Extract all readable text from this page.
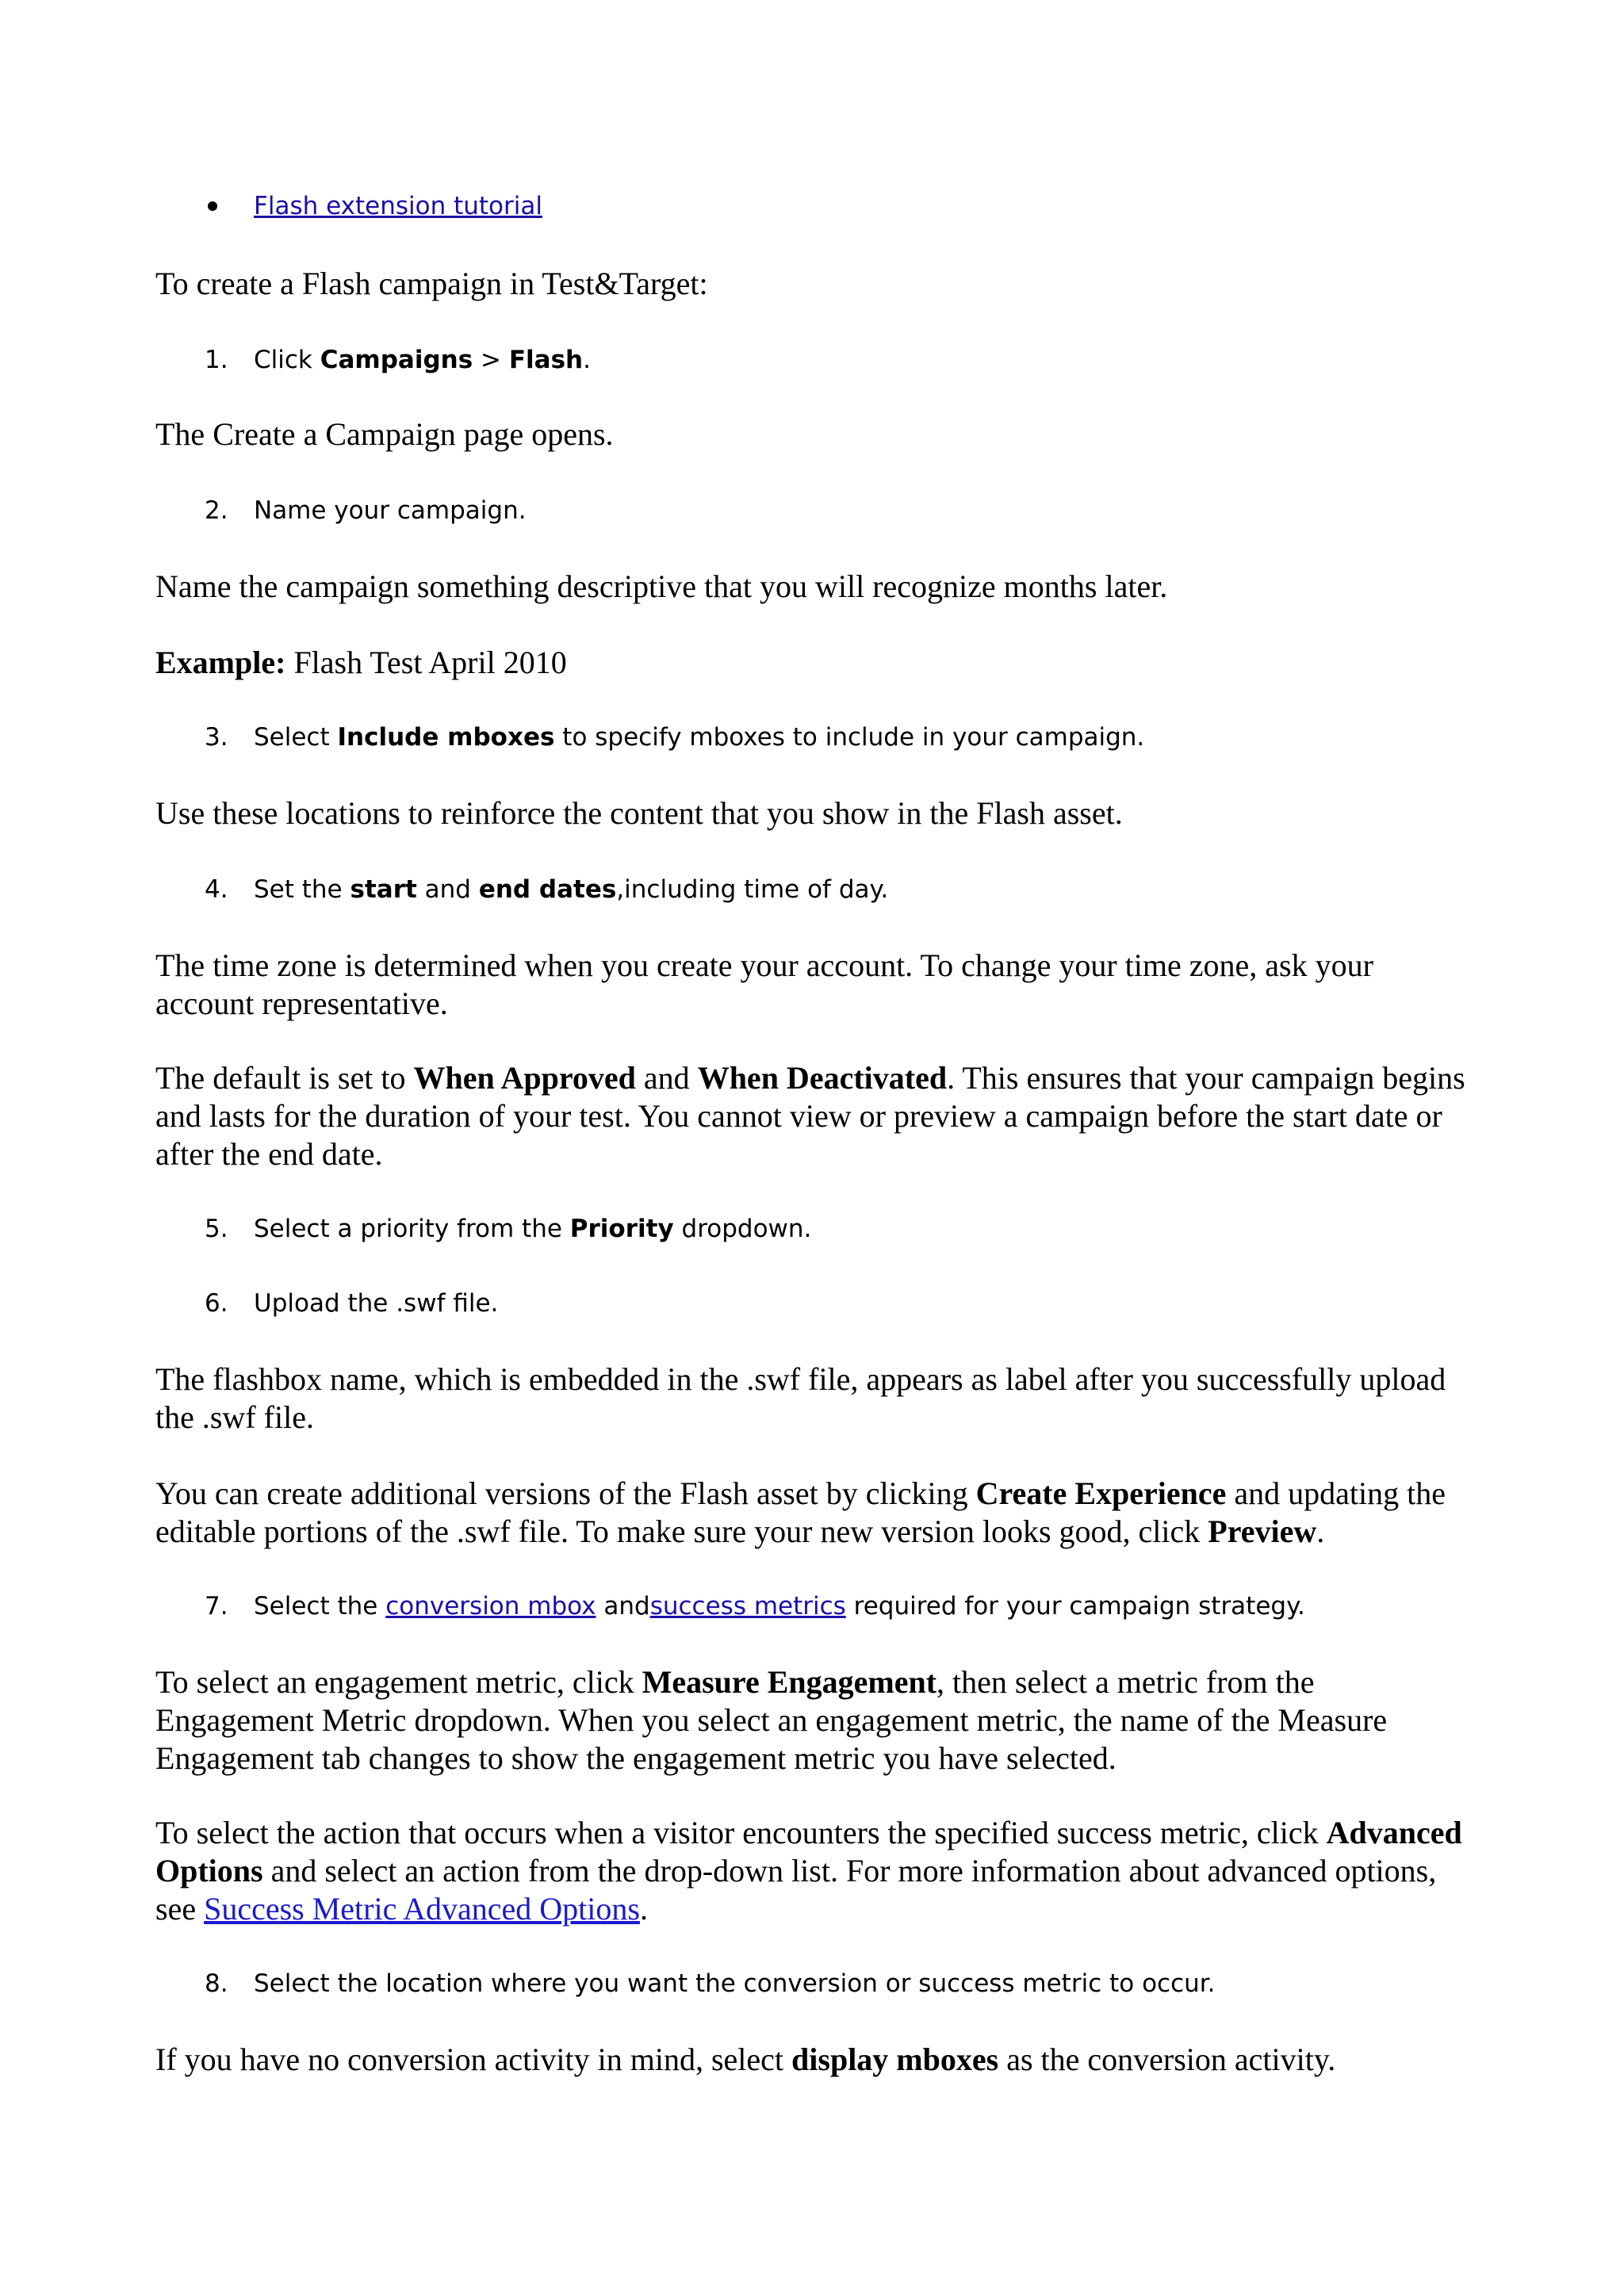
Flash extension tutorial
To create a Flash campaign in Test&Target:
1. Click Campaigns > Flash.
The Create a Campaign page opens.
2. Name your campaign.
Name the campaign something descriptive that you will recognize months later.
Example: Flash Test April 2010
3. Select Include mboxes to specify mboxes to include in your campaign.
Use these locations to reinforce the content that you show in the Flash asset.
4. Set the start and end dates,including time of day.
The time zone is determined when you create your account. To change your time zone, ask your account representative.
The default is set to When Approved and When Deactivated. This ensures that your campaign begins and lasts for the duration of your test. You cannot view or preview a campaign before the start date or after the end date.
5. Select a priority from the Priority dropdown.
6. Upload the .swf file.
The flashbox name, which is embedded in the .swf file, appears as label after you successfully upload the .swf file.
You can create additional versions of the Flash asset by clicking Create Experience and updating the editable portions of the .swf file. To make sure your new version looks good, click Preview.
7. Select the conversion mbox andsuccess metrics required for your campaign strategy.
To select an engagement metric, click Measure Engagement, then select a metric from the Engagement Metric dropdown. When you select an engagement metric, the name of the Measure Engagement tab changes to show the engagement metric you have selected.
To select the action that occurs when a visitor encounters the specified success metric, click Advanced Options and select an action from the drop-down list. For more information about advanced options, see Success Metric Advanced Options.
8. Select the location where you want the conversion or success metric to occur.
If you have no conversion activity in mind, select display mboxes as the conversion activity.
